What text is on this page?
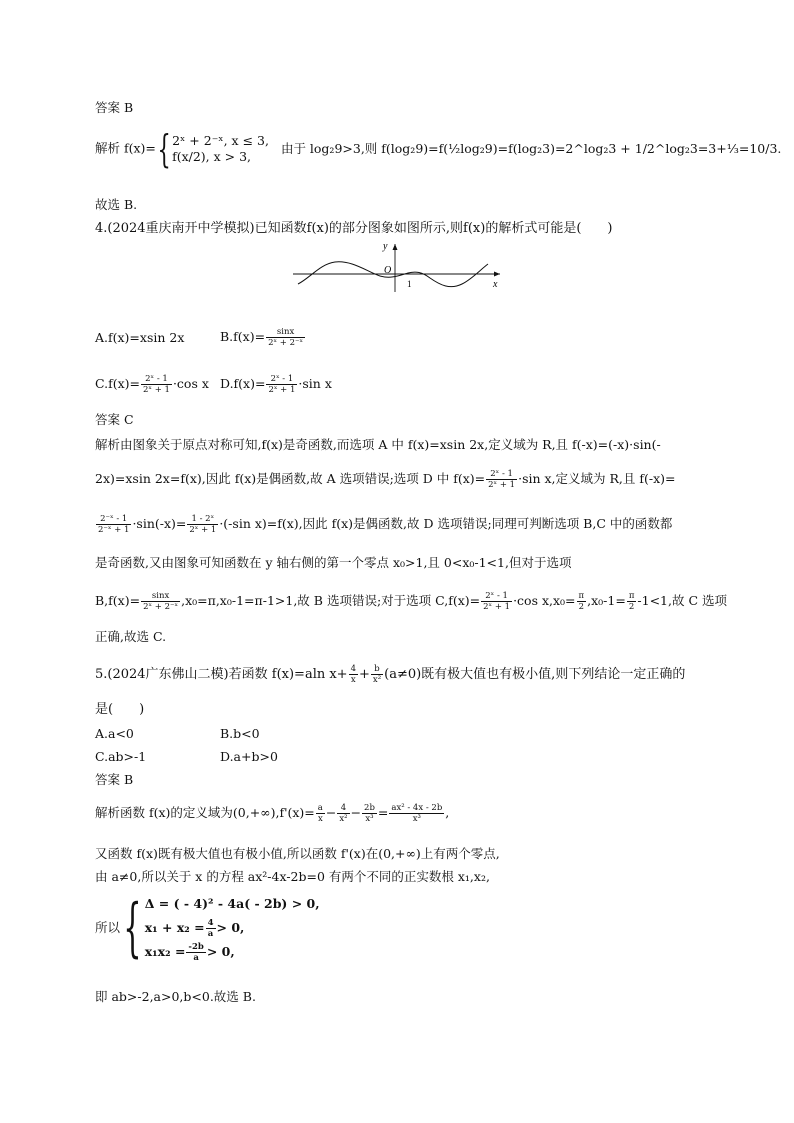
答案 B
解析 f(x)={ 2ˣ + 2⁻ˣ, x ≤ 3,
f(x/2), x > 3,
由于 log₂9>3,则 f(log₂9)=f(½log₂9)=f(log₂3)=2^log₂3 + 1/2^log₂3=3+⅓=10/3.
故选 B.
4.(2024重庆南开中学模拟)已知函数f(x)的部分图象如图所示,则f(x)的解析式可能是(　　)
y
x
O
1
A.f(x)=xsin 2x	$B.f(x)= \frac{\sin x}{\text{2ˣ + 2⁻ˣ}}$
$C.f(x)= \frac{\text{2ˣ - 1}}{\text{2ˣ + 1}} \cdot\cos$ x $D.f(x)= \frac{\text{2ˣ - 1}}{\text{2ˣ + 1}} \cdot\sin$ x
答案 C
解析由图象关于原点对称可知,f(x)是奇函数,而选项 A 中 f(x)=xsin 2x,定义域为 R,且 f(-x)=(-x)·sin(-
2x)=xsin 2x=f(x),因此 f(x)是偶函数,故 A 选项错误;选项 D 中 $f(x)= \frac{\text{2ˣ - 1}}{\text{2ˣ + 1}} \cdot\sin$ x,定义域为 R,且 f(-x)=
$\frac{\text{2⁻ˣ - 1}}{\text{2⁻ˣ + 1}} \cdot\sin(-x)= \frac{\text{1 - 2ˣ}}{\text{2ˣ + 1}} \cdot(-\sin$ x)=f(x),因此 f(x)是偶函数,故 D 选项错误;同理可判断选项 B,C 中的函数都
是奇函数,又由图象可知函数在 y 轴右侧的第一个零点 x₀>1,且 0<x₀-1<1,但对于选项
$B,f(x)= \frac{\sin x}{\text{2ˣ + 2⁻ˣ}} ,x_0=\pi,x_0-1=\pi-1>1$,故 B 选项错误;对于选项 $C,f(x)= \frac{\text{2ˣ - 1}}{\text{2ˣ + 1}} \cdot\cos$ $x,x_0= \frac{\pi}{2} ,x_0-1= \frac{\pi}{2} -1<1$,故 C 选项
正确,故选 C.
5.(2024广东佛山二模)若函数 f(x)=aln $x+ \frac{4}{x} + \frac{b}{\text{x²}} (a\ne 0)$既有极大值也有极小值,则下列结论一定正确的
是(　　)
A.a<0	B.b<0
C.ab>-1	D.a+b>0
答案 B
解析函数 f(x)的定义域为$(0,+\infty),f'(x)= \frac{a}{x} - \frac{4}{\text{x²}} - \frac{2b}{\text{x³}} = \frac{\text{ax² - 4x - 2b}}{\text{x³}}$ ,
又函数 f(x)既有极大值也有极小值,所以函数 f'(x)在(0,+∞)上有两个零点,
由 a≠0,所以关于 x 的方程 ax²-4x-2b=0 有两个不同的正实数根 x₁,x₂,
所以{ Δ = ( - 4)² - 4a( - 2b) > 0,
$x_1 + x_2 = \frac{4}{a} > 0$,
$x_1x_2 = \frac{-2b}{a} > 0$,
即 ab>-2,a>0,b<0.故选 B.
